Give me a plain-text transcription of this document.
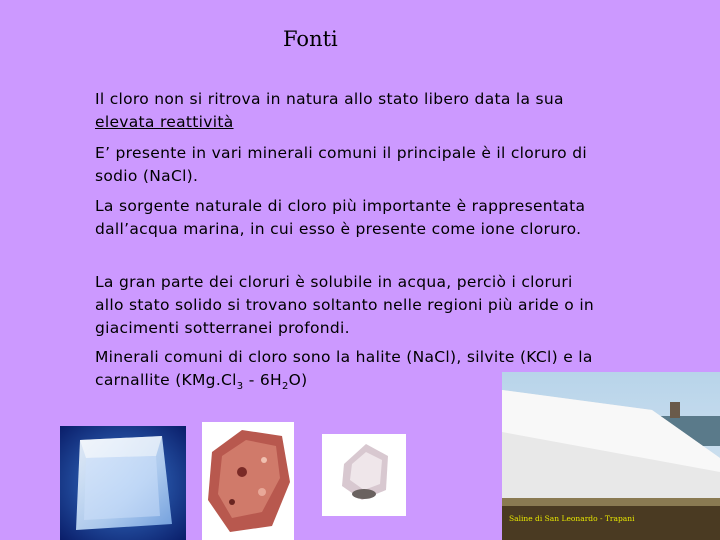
Fonti
Il cloro non si ritrova in natura allo stato libero data la sua
elevata reattività
E’ presente in vari minerali comuni il principale è il cloruro di sodio (NaCl).
La sorgente naturale di cloro più importante è rappresentata dall’acqua marina, in cui esso è presente come ione cloruro.
La gran parte dei cloruri è solubile in acqua, perciò i cloruri allo stato solido si trovano soltanto nelle regioni più aride o in giacimenti sotterranei profondi.
Minerali comuni di cloro sono la halite (NaCl), silvite (KCl) e la carnallite $(KMg.Cl_3 - 6H_2O)$
Saline di San Leonardo - Trapani
